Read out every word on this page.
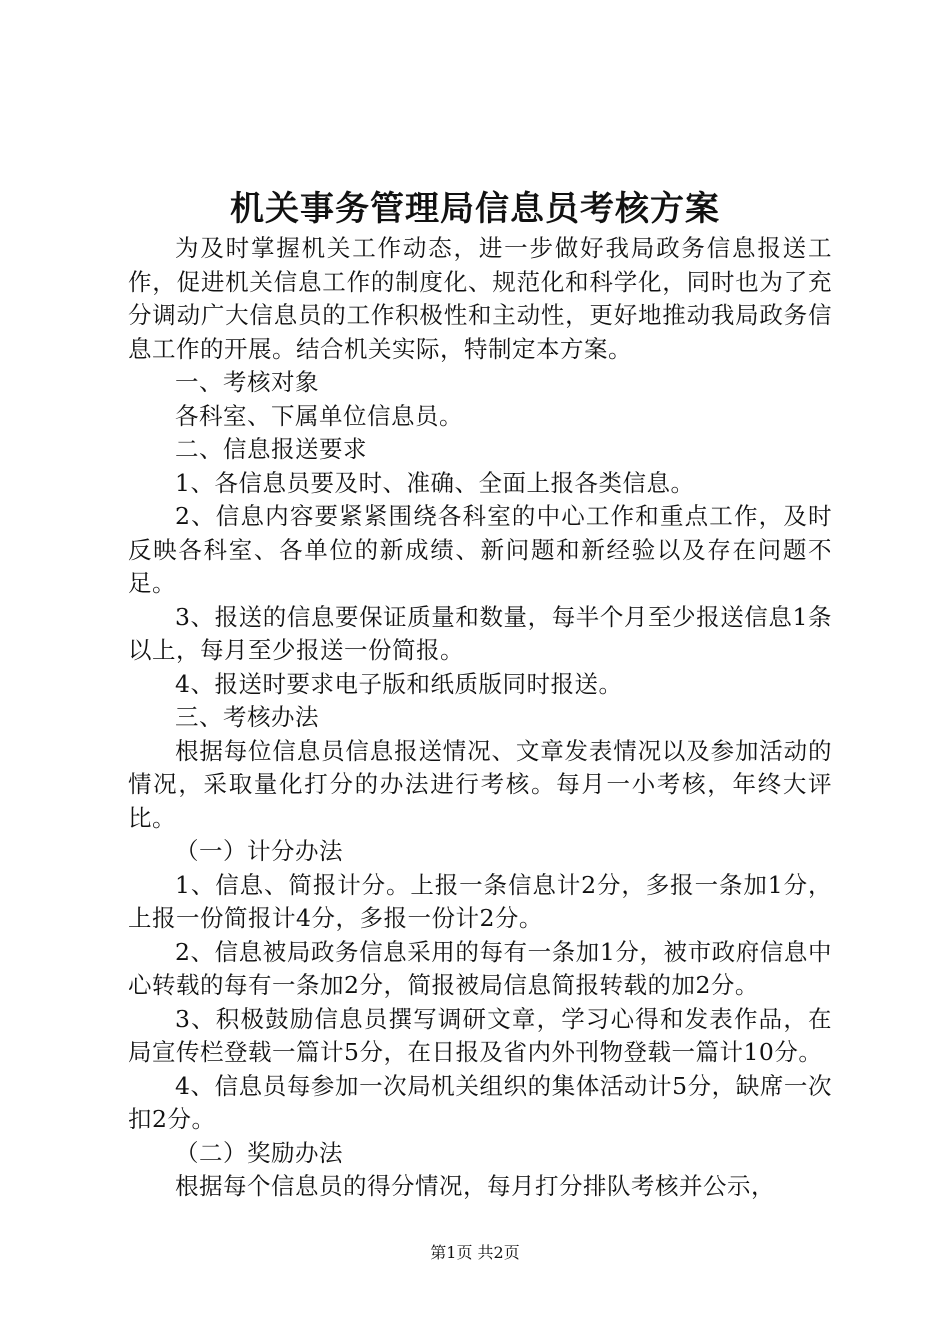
机关事务管理局信息员考核方案

为及时掌握机关工作动态，进一步做好我局政务信息报送工作，促进机关信息工作的制度化、规范化和科学化，同时也为了充分调动广大信息员的工作积极性和主动性，更好地推动我局政务信息工作的开展。结合机关实际，特制定本方案。

一、考核对象

各科室、下属单位信息员。

二、信息报送要求

1、各信息员要及时、准确、全面上报各类信息。

2、信息内容要紧紧围绕各科室的中心工作和重点工作，及时反映各科室、各单位的新成绩、新问题和新经验以及存在问题不足。

3、报送的信息要保证质量和数量，每半个月至少报送信息1条以上，每月至少报送一份简报。

4、报送时要求电子版和纸质版同时报送。

三、考核办法

根据每位信息员信息报送情况、文章发表情况以及参加活动的情况，采取量化打分的办法进行考核。每月一小考核，年终大评比。

（一）计分办法

1、信息、简报计分。上报一条信息计2分，多报一条加1分，上报一份简报计4分，多报一份计2分。

2、信息被局政务信息采用的每有一条加1分，被市政府信息中心转载的每有一条加2分，简报被局信息简报转载的加2分。

3、积极鼓励信息员撰写调研文章，学习心得和发表作品，在局宣传栏登载一篇计5分，在日报及省内外刊物登载一篇计10分。

4、信息员每参加一次局机关组织的集体活动计5分，缺席一次扣2分。

（二）奖励办法

根据每个信息员的得分情况，每月打分排队考核并公示，

第1页 共2页
